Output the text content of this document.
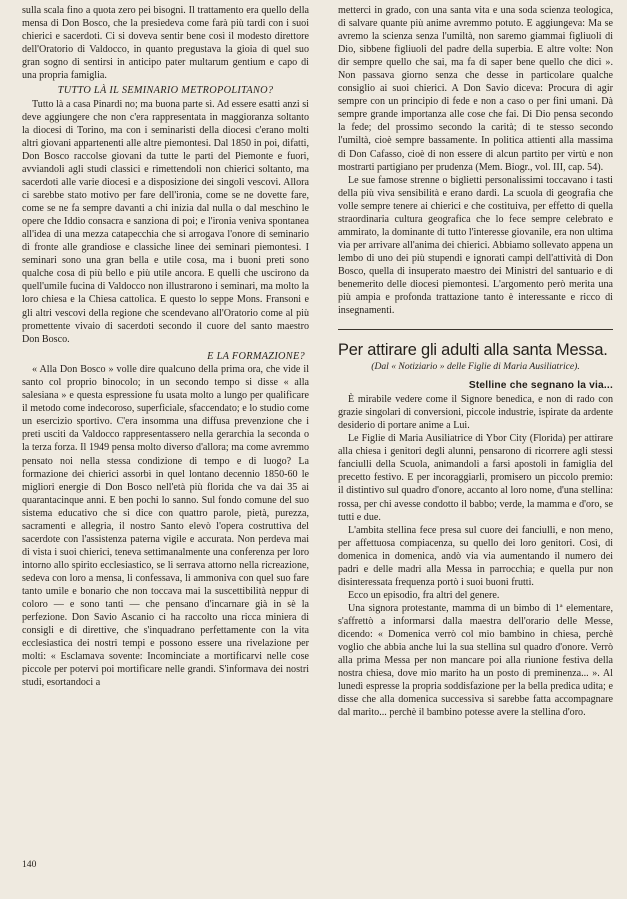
sulla scala fino a quota zero pei bisogni. Il trattamento era quello della mensa di Don Bosco, che la presiedeva come farà più tardi con i suoi chierici e sacerdoti. Ci si doveva sentir bene così il modesto direttore dell'Oratorio di Valdocco, in quanto pregustava la gioia di quel suo gran sogno di sentirsi in anticipo pater multarum gentium e capo di una propria famiglia.

TUTTO LÀ IL SEMINARIO METROPOLITANO?

Tutto là a casa Pinardi no; ma buona parte sì. Ad essere esatti anzi si deve aggiungere che non c'era rappresentata in maggioranza soltanto la diocesi di Torino, ma con i seminaristi della diocesi c'erano molti altri giovani appartenenti alle altre piemontesi. Dal 1850 in poi, difatti, Don Bosco raccolse giovani da tutte le parti del Piemonte e fuori, avviandoli agli studi classici e rimettendoli non chierici soltanto, ma sacerdoti alle varie diocesi e a disposizione dei singoli vescovi. Allora ci sarebbe stato motivo per fare dell'ironia, come se ne dovette fare, come se ne fa sempre davanti a chi inizia dal nulla o dal meschino le opere che Iddio consacra e sanziona di poi; e l'ironia veniva spontanea all'idea di una mezza catapecchia che si arrogava l'onore di seminario di fronte alle grandiose e classiche linee dei seminari piemontesi. I seminari sono una gran bella e utile cosa, ma i buoni preti sono qualche cosa di più bello e più utile ancora. E quelli che uscirono da quell'umile fucina di Valdocco non illustrarono i seminari, ma molto la loro chiesa e la Chiesa cattolica. E questo lo seppe Mons. Fransoni e gli altri vescovi della regione che scendevano all'Oratorio come al più promettente vivaio di sacerdoti secondo il cuore del santo maestro Don Bosco.

E LA FORMAZIONE?

« Alla Don Bosco » volle dire qualcuno della prima ora, che vide il santo col proprio binocolo; in un secondo tempo si disse « alla salesiana » e questa espressione fu usata molto a lungo per qualificare il metodo come indecoroso, superficiale, sfaccendato; e lo studio come un esercizio sportivo. C'era insomma una diffusa prevenzione che i preti usciti da Valdocco rappresentassero nella gerarchia la seconda o la terza forza. Il 1949 pensa molto diverso d'allora; ma come avremmo pensato noi nella stessa condizione di tempo e di luogo? La formazione dei chierici assorbì in quel lontano decennio 1850-60 le migliori energie di Don Bosco nell'età più florida che va dai 35 ai quarantacinque anni. E ben pochi lo sanno. Sul fondo comune del suo sistema educativo che si dice con quattro parole, pietà, purezza, sacramenti e allegria, il nostro Santo elevò l'opera costruttiva del sacerdote con l'assistenza paterna vigile e accurata. Non perdeva mai di vista i suoi chierici, teneva settimanalmente una conferenza per loro intorno allo spirito ecclesiastico, se li serrava attorno nella ricreazione, sedeva con loro a mensa, li confessava, li ammoniva con quel suo fare tanto umile e bonario che non toccava mai la suscettibilità neppur di coloro — e sono tanti — che pensano d'incarnare già in sè la perfezione. Don Savio Ascanio ci ha raccolto una ricca miniera di consigli e di direttive, che s'inquadrano perfettamente con la vita ecclesiastica dei nostri tempi e possono essere una rivelazione per molti: « Esclamava sovente: Incominciate a mortificarvi nelle cose piccole per potervi poi mortificare nelle grandi. S'informava dei nostri studi, esortandoci a

metterci in grado, con una santa vita e una soda scienza teologica, di salvare quante più anime avremmo potuto. E aggiungeva: Ma se avremo la scienza senza l'umiltà, non saremo giammai figliuoli di Dio, sibbene figliuoli del padre della superbia. E altre volte: Non dir sempre quello che sai, ma fa di saper bene quello che dici ». Non passava giorno senza che desse in particolare qualche consiglio ai suoi chierici. A Don Savio diceva: Procura di agir sempre con un principio di fede e non a caso o per fini umani. Dà sempre grande importanza alle cose che fai. Di Dio pensa secondo la fede; del prossimo secondo la carità; di te stesso secondo l'umiltà, cioè sempre bassamente. In politica attienti alla massima di Don Cafasso, cioè di non essere di alcun partito per virtù e non mostrarti partigiano per prudenza (Mem. Biogr., vol. III, cap. 54).

Le sue famose strenne o biglietti personalissimi toccavano i tasti della più viva sensibilità e erano dardi. La scuola di geografia che volle sempre tenere ai chierici e che costituiva, per effetto di quella straordinaria cultura geografica che lo fece sempre celebrato e ammirato, la dominante di tutto l'interesse giovanile, era non ultima via per arrivare all'anima dei chierici. Abbiamo sollevato appena un lembo di uno dei più stupendi e ignorati campi dell'attività di Don Bosco, quella di insuperato maestro dei Ministri del santuario e di benemerito delle diocesi piemontesi. L'argomento però merita una più ampia e profonda trattazione tanto è interessante e ricco di insegnamenti.

Per attirare gli adulti alla santa Messa.
(Dal « Notiziario » delle Figlie di Maria Ausiliatrice).
Stelline che segnano la via...

È mirabile vedere come il Signore benedica, e non di rado con grazie singolari di conversioni, piccole industrie, ispirate da ardente desiderio di portare anime a Lui.

Le Figlie di Maria Ausiliatrice di Ybor City (Florida) per attirare alla chiesa i genitori degli alunni, pensarono di ricorrere agli stessi fanciulli della Scuola, animandoli a farsi apostoli in famiglia del precetto festivo. E per incoraggiarli, promisero un piccolo premio: il distintivo sul quadro d'onore, accanto al loro nome, d'una stellina: rossa, per chi avesse condotto il babbo; verde, la mamma e d'oro, se tutti e due.

L'ambita stellina fece presa sul cuore dei fanciulli, e non meno, per affettuosa compiacenza, su quello dei loro genitori. Così, di domenica in domenica, andò via via aumentando il numero dei padri e delle madri alla Messa in parrocchia; e quella pur non disinteressata frequenza portò i suoi buoni frutti.

Ecco un episodio, fra altri del genere.

Una signora protestante, mamma di un bimbo di 1ª elementare, s'affrettò a informarsi dalla maestra dell'orario delle Messe, dicendo: « Domenica verrò col mio bambino in chiesa, perchè voglio che abbia anche lui la sua stellina sul quadro d'onore. Verrò alla prima Messa per non mancare poi alla riunione festiva della nostra chiesa, dove mio marito ha un posto di preminenza... ». Al lunedì espresse la propria soddisfazione per la bella predica udita; e disse che alla domenica successiva si sarebbe fatta accompagnare dal marito... perchè il bambino potesse avere la stellina d'oro.

140
